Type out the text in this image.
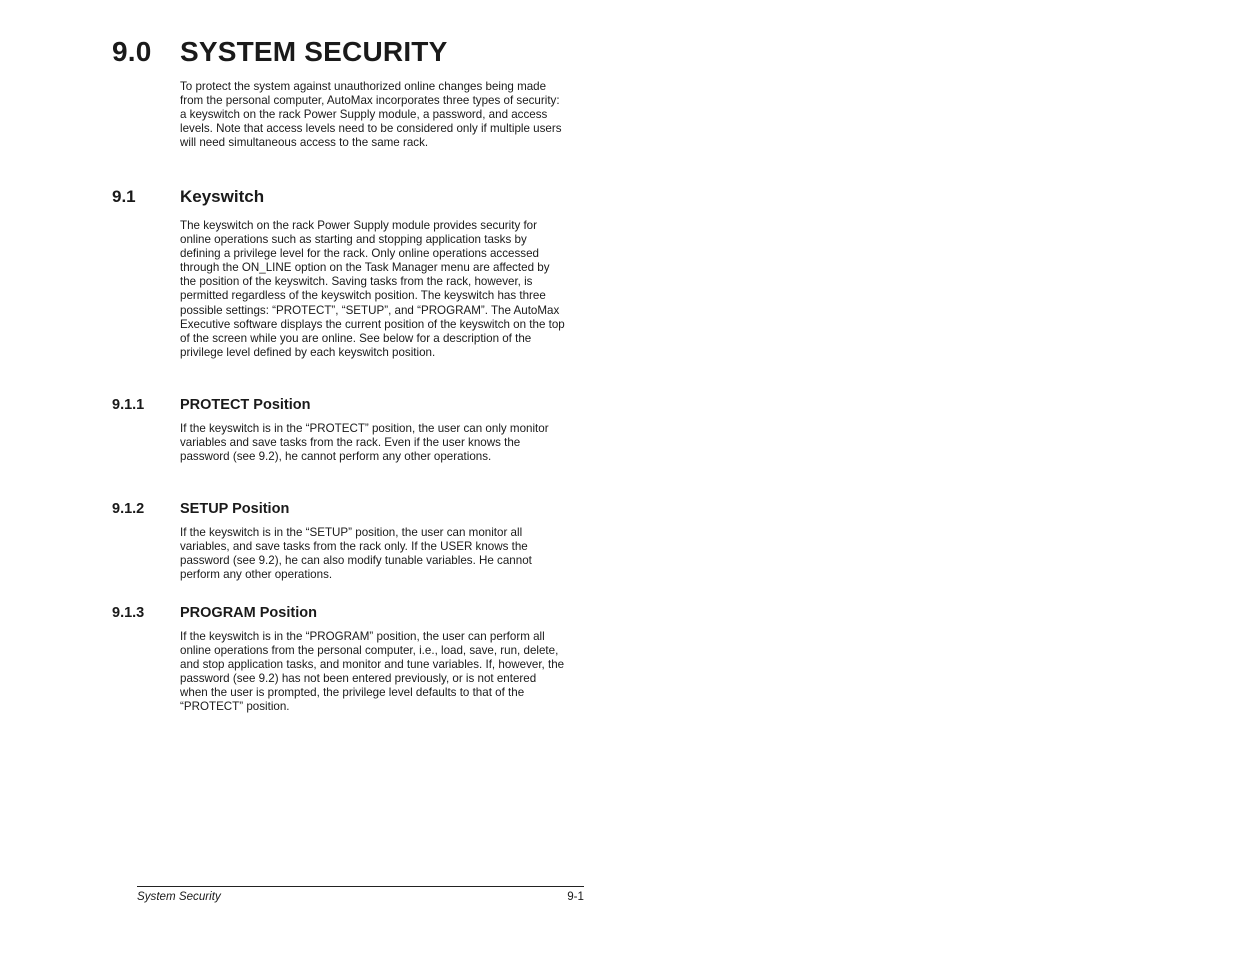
9.0 SYSTEM SECURITY

To protect the system against unauthorized online changes being made from the personal computer, AutoMax incorporates three types of security: a keyswitch on the rack Power Supply module, a password, and access levels. Note that access levels need to be considered only if multiple users will need simultaneous access to the same rack.

9.1	Keyswitch

The keyswitch on the rack Power Supply module provides security for online operations such as starting and stopping application tasks by defining a privilege level for the rack. Only online operations accessed through the ON_LINE option on the Task Manager menu are affected by the position of the keyswitch. Saving tasks from the rack, however, is permitted regardless of the keyswitch position. The keyswitch has three possible settings: “PROTECT”, “SETUP”, and “PROGRAM”. The AutoMax Executive software displays the current position of the keyswitch on the top of the screen while you are online. See below for a description of the privilege level defined by each keyswitch position.

9.1.1 PROTECT Position

If the keyswitch is in the “PROTECT” position, the user can only monitor variables and save tasks from the rack. Even if the user knows the password (see 9.2), he cannot perform any other operations.

9.1.2 SETUP Position

If the keyswitch is in the “SETUP” position, the user can monitor all variables, and save tasks from the rack only. If the USER knows the password (see 9.2), he can also modify tunable variables. He cannot perform any other operations.

9.1.3 PROGRAM Position

If the keyswitch is in the “PROGRAM” position, the user can perform all online operations from the personal computer, i.e., load, save, run, delete, and stop application tasks, and monitor and tune variables. If, however, the password (see 9.2) has not been entered previously, or is not entered when the user is prompted, the privilege level defaults to that of the “PROTECT” position.

System Security	9-1
